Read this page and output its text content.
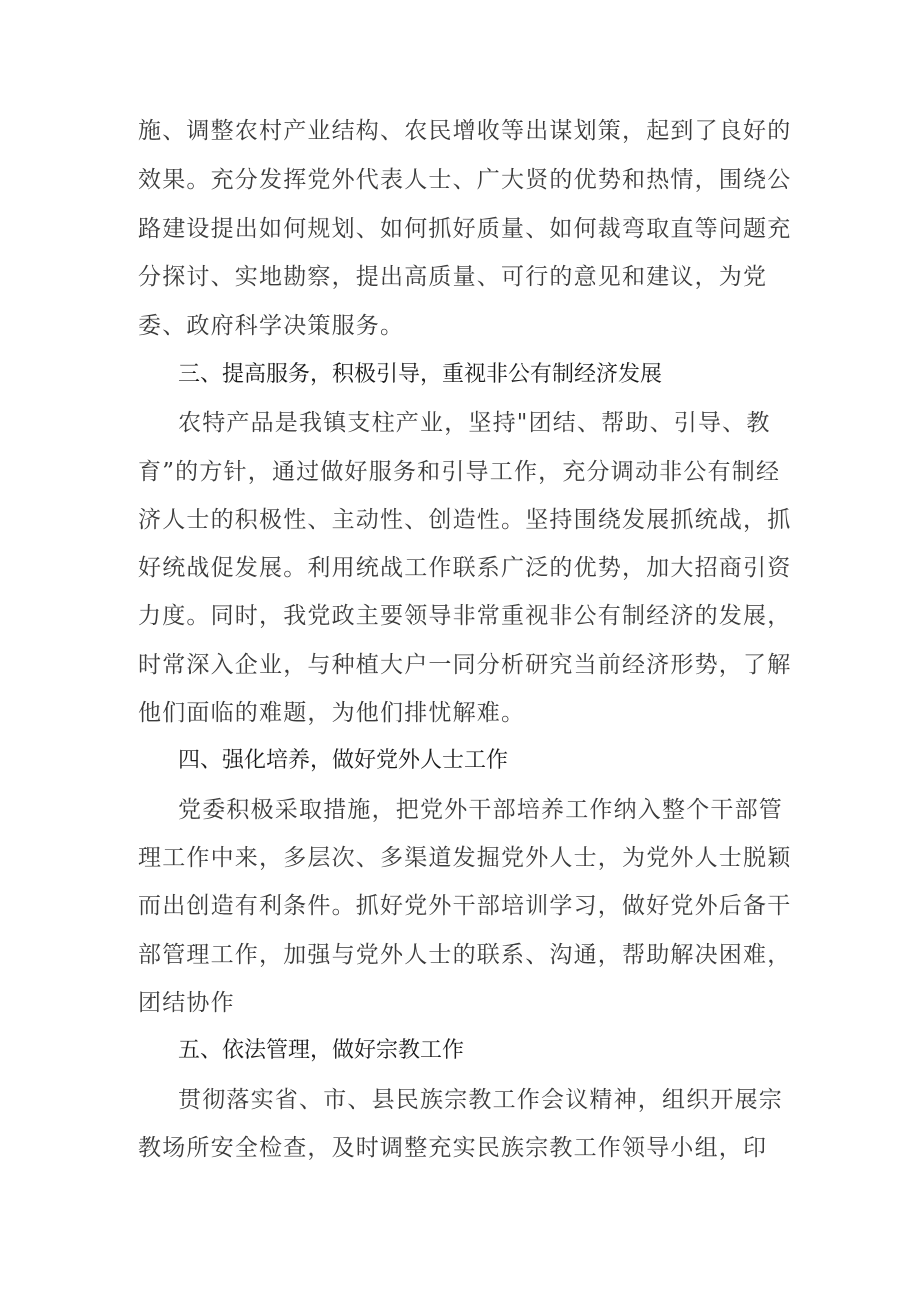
施、调整农村产业结构、农民增收等出谋划策，起到了良好的
效果。充分发挥党外代表人士、广大贤的优势和热情，围绕公
路建设提出如何规划、如何抓好质量、如何裁弯取直等问题充
分探讨、实地勘察，提出高质量、可行的意见和建议，为党
委、政府科学决策服务。
三、提高服务，积极引导，重视非公有制经济发展
农特产品是我镇支柱产业，坚持"团结、帮助、引导、教
育”的方针，通过做好服务和引导工作，充分调动非公有制经
济人士的积极性、主动性、创造性。坚持围绕发展抓统战，抓
好统战促发展。利用统战工作联系广泛的优势，加大招商引资
力度。同时，我党政主要领导非常重视非公有制经济的发展，
时常深入企业，与种植大户一同分析研究当前经济形势，了解
他们面临的难题，为他们排忧解难。
四、强化培养，做好党外人士工作
党委积极采取措施，把党外干部培养工作纳入整个干部管
理工作中来，多层次、多渠道发掘党外人士，为党外人士脱颖
而出创造有利条件。抓好党外干部培训学习，做好党外后备干
部管理工作，加强与党外人士的联系、沟通，帮助解决困难，
团结协作
五、依法管理，做好宗教工作
贯彻落实省、市、县民族宗教工作会议精神，组织开展宗
教场所安全检查，及时调整充实民族宗教工作领导小组，印
